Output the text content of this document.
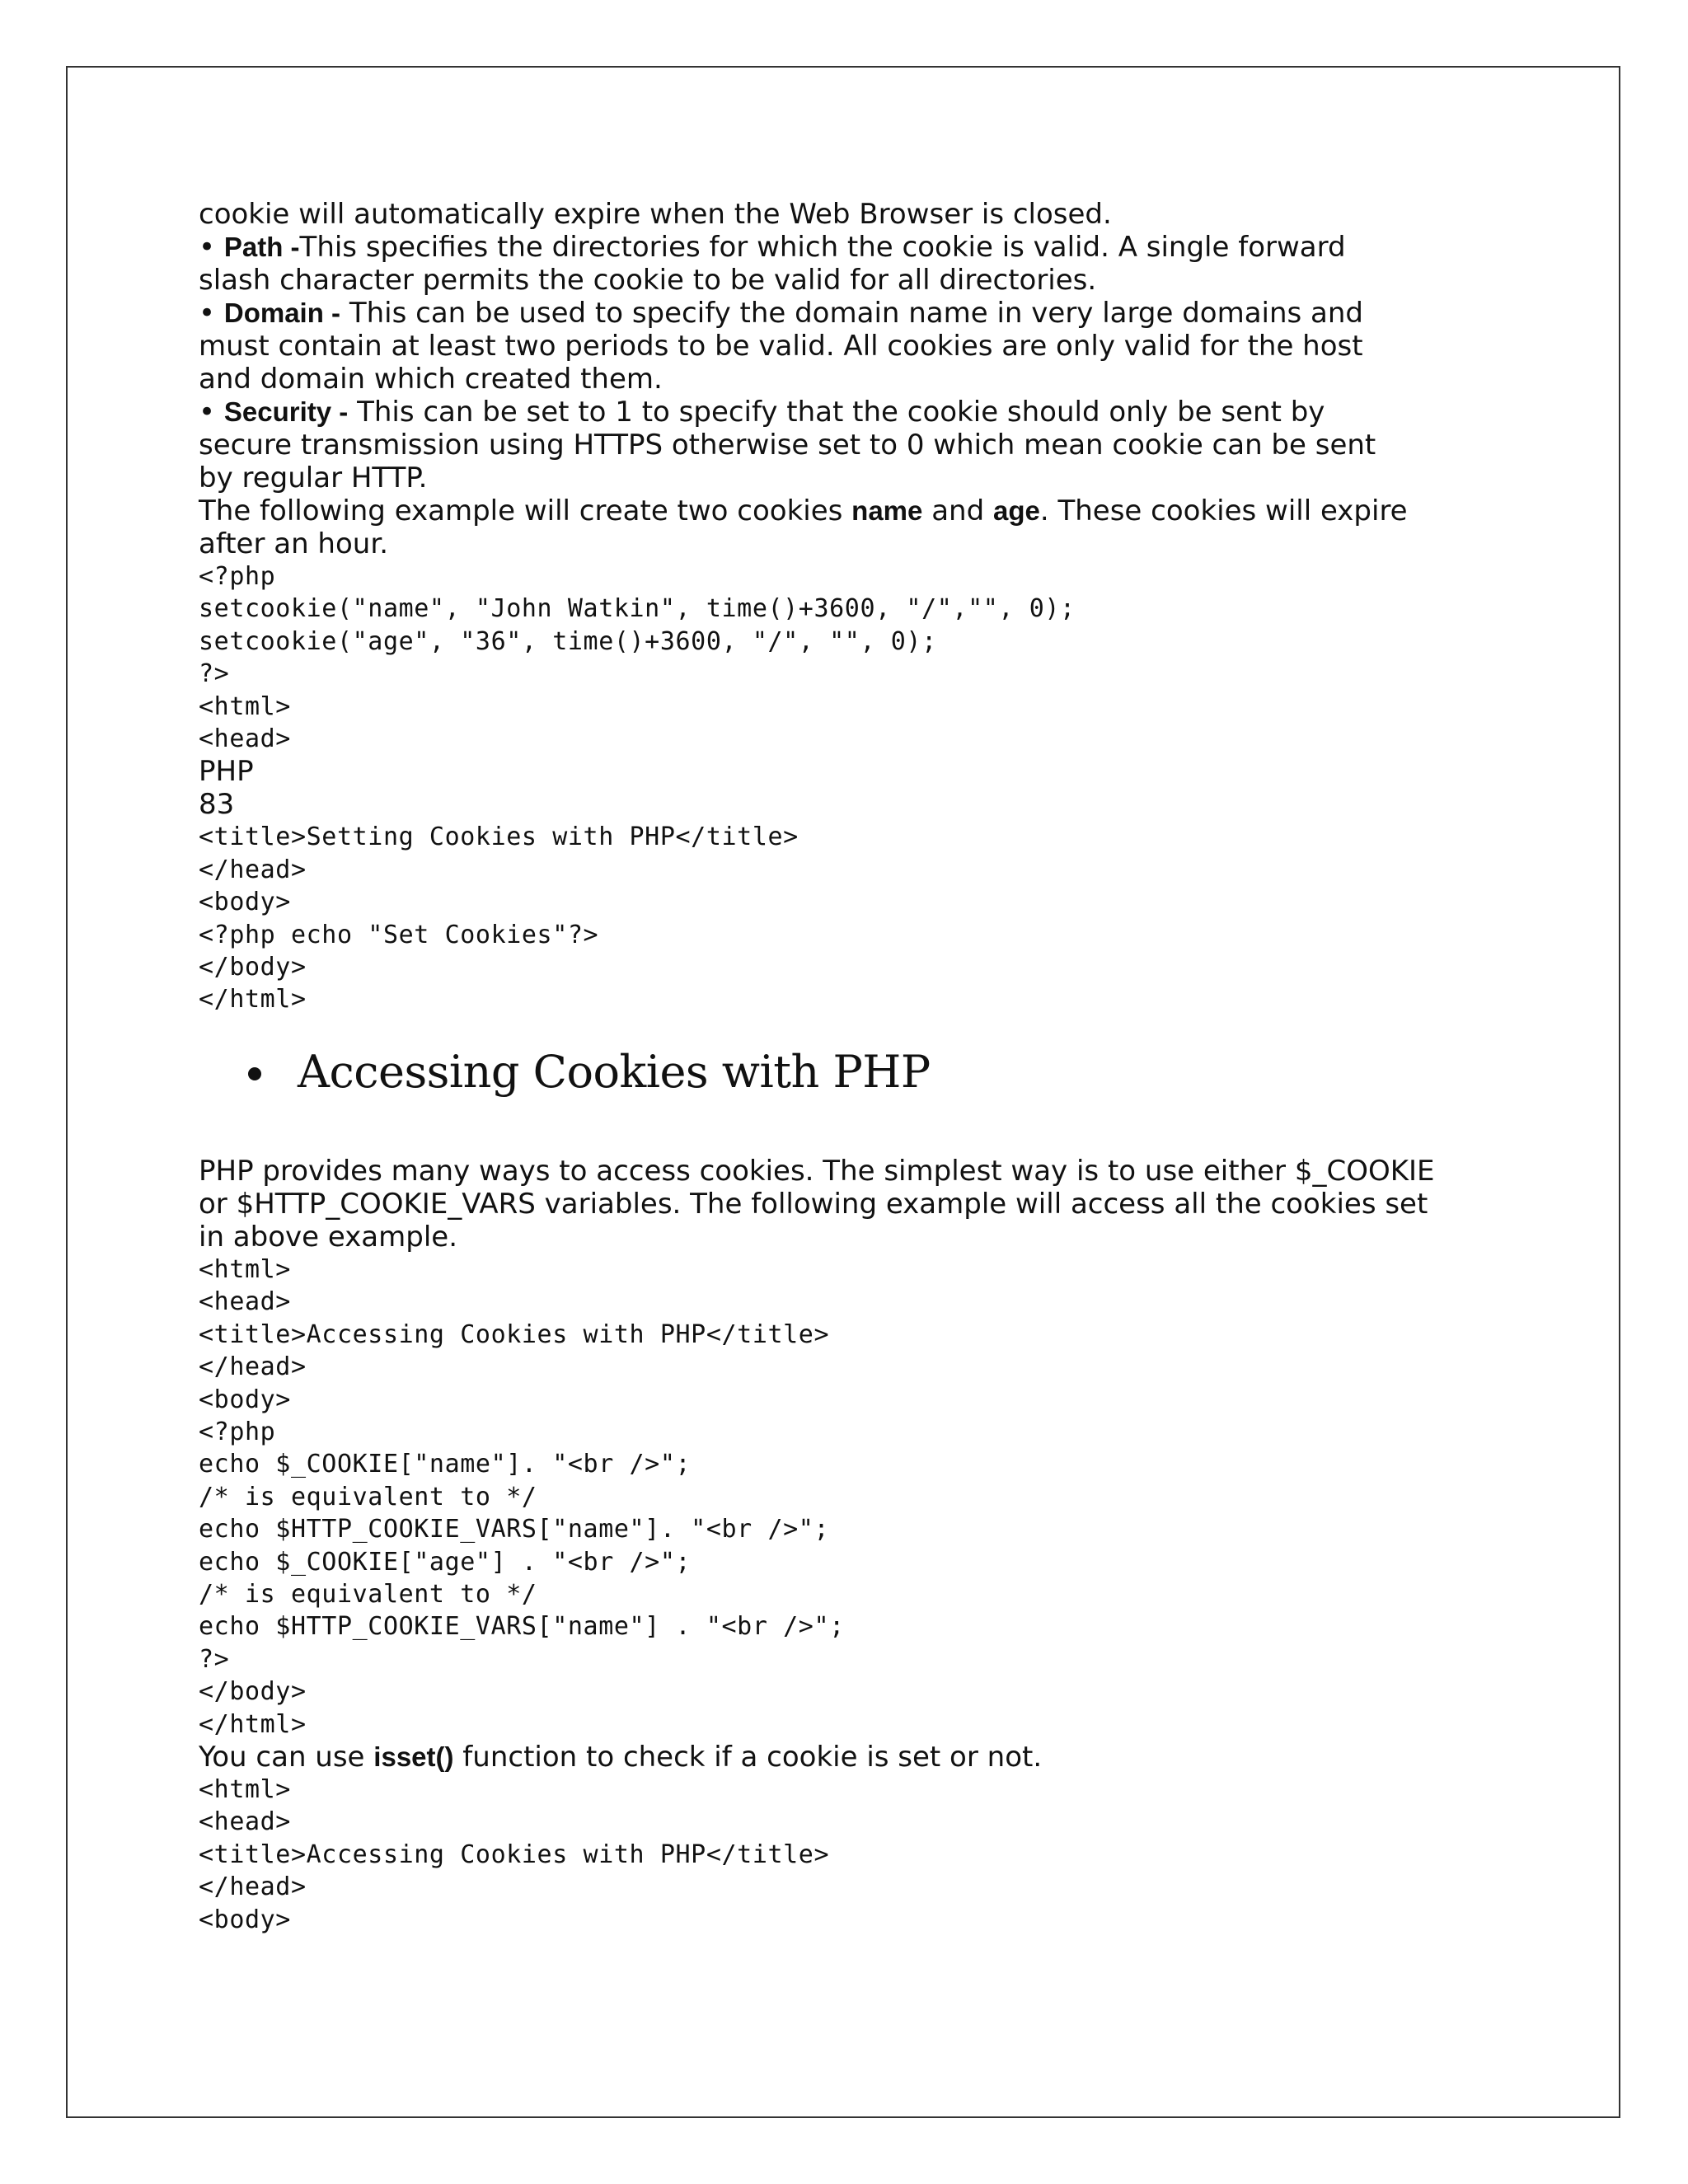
cookie will automatically expire when the Web Browser is closed.

• Path -This specifies the directories for which the cookie is valid. A single forward

slash character permits the cookie to be valid for all directories.

• Domain - This can be used to specify the domain name in very large domains and

must contain at least two periods to be valid. All cookies are only valid for the host

and domain which created them.

• Security - This can be set to 1 to specify that the cookie should only be sent by

secure transmission using HTTPS otherwise set to 0 which mean cookie can be sent

by regular HTTP.

The following example will create two cookies name and age. These cookies will expire

after an hour.

<?php

setcookie("name", "John Watkin", time()+3600, "/","", 0);

setcookie("age", "36", time()+3600, "/", "", 0);

?>

<html>

<head>

PHP

83

<title>Setting Cookies with PHP</title>

</head>

<body>

<?php echo "Set Cookies"?>

</body>

</html>

Accessing Cookies with PHP

PHP provides many ways to access cookies. The simplest way is to use either $_COOKIE

or $HTTP_COOKIE_VARS variables. The following example will access all the cookies set

in above example.

<html>

<head>

<title>Accessing Cookies with PHP</title>

</head>

<body>

<?php

echo $_COOKIE["name"]. "<br />";

/* is equivalent to */

echo $HTTP_COOKIE_VARS["name"]. "<br />";

echo $_COOKIE["age"] . "<br />";

/* is equivalent to */

echo $HTTP_COOKIE_VARS["name"] . "<br />";

?>

</body>

</html>

You can use isset() function to check if a cookie is set or not.

<html>

<head>

<title>Accessing Cookies with PHP</title>

</head>

<body>
